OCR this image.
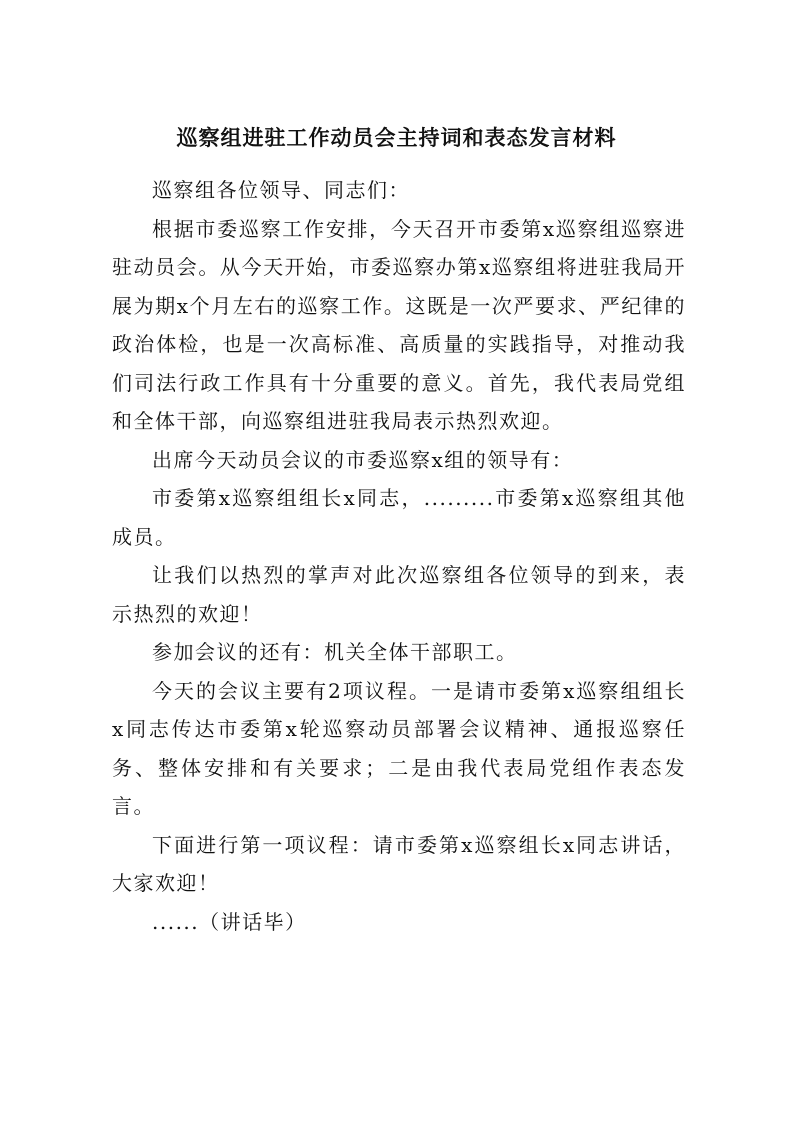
巡察组进驻工作动员会主持词和表态发言材料

巡察组各位领导、同志们：

根据市委巡察工作安排，今天召开市委第x巡察组巡察进驻动员会。从今天开始，市委巡察办第x巡察组将进驻我局开展为期x个月左右的巡察工作。这既是一次严要求、严纪律的政治体检，也是一次高标准、高质量的实践指导，对推动我们司法行政工作具有十分重要的意义。首先，我代表局党组和全体干部，向巡察组进驻我局表示热烈欢迎。

出席今天动员会议的市委巡察x组的领导有：

市委第x巡察组组长x同志，.........市委第x巡察组其他成员。

让我们以热烈的掌声对此次巡察组各位领导的到来，表示热烈的欢迎！

参加会议的还有：机关全体干部职工。

今天的会议主要有2项议程。一是请市委第x巡察组组长x同志传达市委第x轮巡察动员部署会议精神、通报巡察任务、整体安排和有关要求；二是由我代表局党组作表态发言。

下面进行第一项议程：请市委第x巡察组长x同志讲话，大家欢迎！

......（讲话毕）
